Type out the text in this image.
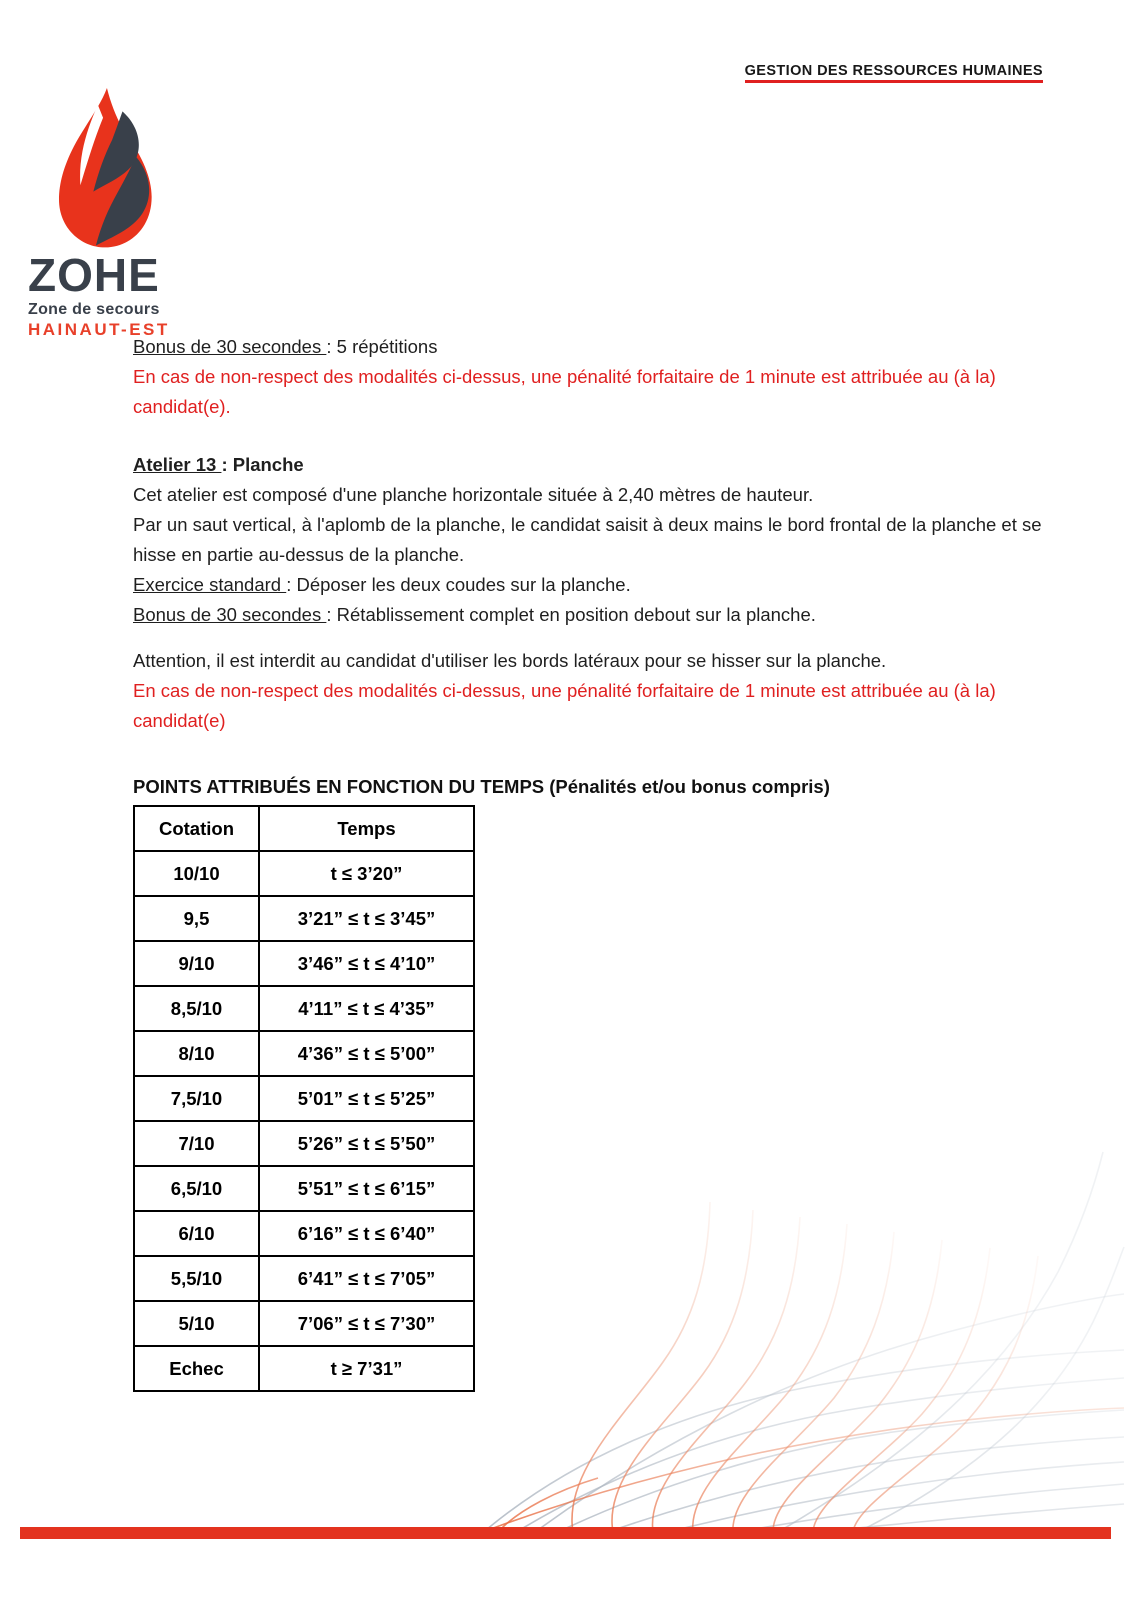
GESTION DES RESSOURCES HUMAINES
ZOHE
Zone de secours
HAINAUT-EST

Bonus de 30 secondes : 5 répétitions

En cas de non-respect des modalités ci-dessus, une pénalité forfaitaire de 1 minute est attribuée au (à la) candidat(e).

Atelier 13 : Planche

Cet atelier est composé d'une planche horizontale située à 2,40 mètres de hauteur.

Par un saut vertical, à l'aplomb de la planche, le candidat saisit à deux mains le bord frontal de la planche et se hisse en partie au-dessus de la planche.

Exercice standard : Déposer les deux coudes sur la planche.

Bonus de 30 secondes : Rétablissement complet en position debout sur la planche.

Attention, il est interdit au candidat d'utiliser les bords latéraux pour se hisser sur la planche.

En cas de non-respect des modalités ci-dessus, une pénalité forfaitaire de 1 minute est attribuée au (à la) candidat(e)

POINTS ATTRIBUÉS EN FONCTION DU TEMPS (Pénalités et/ou bonus compris)
Cotation	Temps
10/10	t ≤ 3’20”
9,5	3’21” ≤ t ≤ 3’45”
9/10	3’46” ≤ t ≤ 4’10”
8,5/10	4’11” ≤ t ≤ 4’35”
8/10	4’36” ≤ t ≤ 5’00”
7,5/10	5’01” ≤ t ≤ 5’25”
7/10	5’26” ≤ t ≤ 5’50”
6,5/10	5’51” ≤ t ≤ 6’15”
6/10	6’16” ≤ t ≤ 6’40”
5,5/10	6’41” ≤ t ≤ 7’05”
5/10	7’06” ≤ t ≤ 7’30”
Echec	t ≥ 7’31”
